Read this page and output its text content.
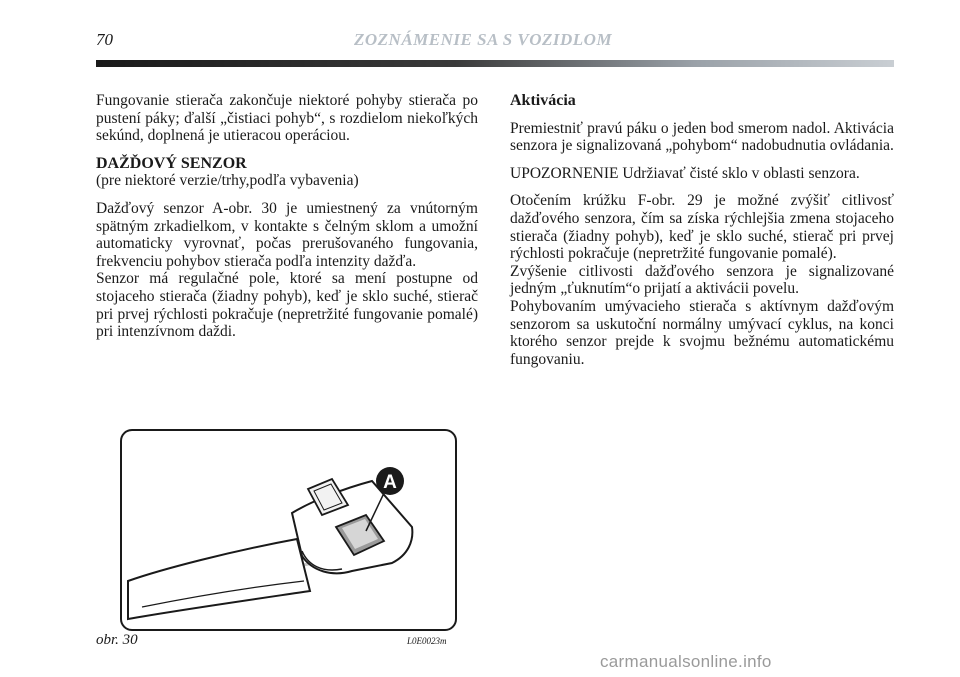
70	ZOZNÁMENIE SA S VOZIDLOM

Fungovanie stierača zakončuje niektoré pohyby stierača po pustení páky; ďalší „čistiaci pohyb“, s rozdielom niekoľkých sekúnd, doplnená je utieracou operáciou.

DAŽĎOVÝ SENZOR
(pre niektoré verzie/trhy,podľa vybavenia)

Dažďový senzor A-obr. 30 je umiestnený za vnútorným spätným zrkadielkom, v kontakte s čelným sklom a umožní automaticky vyrovnať, počas prerušovaného fungovania, frekvenciu pohybov stierača podľa intenzity dažďa.

Senzor má regulačné pole, ktoré sa mení postupne od stojaceho stierača (žiadny pohyb), keď je sklo suché, stierač pri prvej rýchlosti pokračuje (nepretržité fungovanie pomalé) pri intenzívnom daždi.

Aktivácia

Premiestniť pravú páku o jeden bod smerom nadol. Aktivácia senzora je signalizovaná „pohybom“ nadobudnutia ovládania.

UPOZORNENIE Udržiavať čisté sklo v oblasti senzora.

Otočením krúžku F-obr. 29 je možné zvýšiť citlivosť dažďového senzora, čím sa získa rýchlejšia zmena stojaceho stierača (žiadny pohyb), keď je sklo suché, stierač pri prvej rýchlosti pokračuje (nepretržité fungovanie pomalé).

Zvýšenie citlivosti dažďového senzora je signalizované jedným „ťuknutím“o prijatí a aktivácii povelu.

Pohybovaním umývacieho stierača s aktívnym dažďovým senzorom sa uskutoční normálny umývací cyklus, na konci ktorého senzor prejde k svojmu bežnému automatickému fungovaniu.

A
obr. 30	L0E0023m
carmanualsonline.info
